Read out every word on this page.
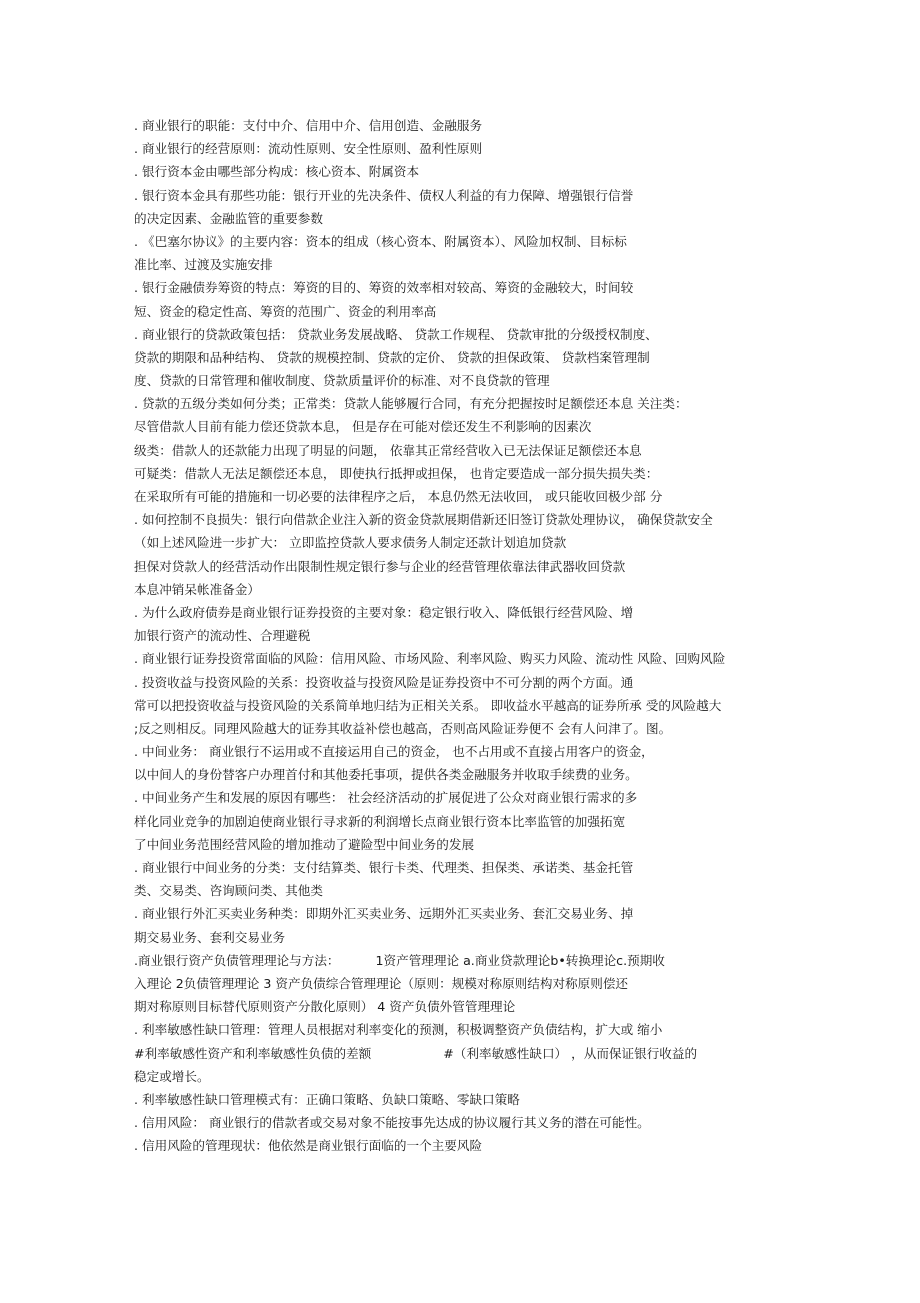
. 商业银行的职能：支付中介、信用中介、信用创造、金融服务
. 商业银行的经营原则：流动性原则、安全性原则、盈利性原则
. 银行资本金由哪些部分构成：核心资本、附属资本
. 银行资本金具有那些功能：银行开业的先决条件、债权人利益的有力保障、增强银行信誉
的决定因素、金融监管的重要参数
. 《巴塞尔协议》的主要内容：资本的组成（核心资本、附属资本）、风险加权制、目标标
准比率、过渡及实施安排
. 银行金融债券筹资的特点：筹资的目的、筹资的效率相对较高、筹资的金融较大，时间较
短、资金的稳定性高、筹资的范围广、资金的利用率高
. 商业银行的贷款政策包括： 贷款业务发展战略、 贷款工作规程、 贷款审批的分级授权制度、
贷款的期限和品种结构、 贷款的规模控制、贷款的定价、 贷款的担保政策、 贷款档案管理制
度、贷款的日常管理和催收制度、贷款质量评价的标准、对不良贷款的管理
. 贷款的五级分类如何分类；正常类：贷款人能够履行合同，有充分把握按时足额偿还本息 关注类：
尽管借款人目前有能力偿还贷款本息， 但是存在可能对偿还发生不利影响的因素次
级类：借款人的还款能力出现了明显的问题， 依靠其正常经营收入已无法保证足额偿还本息
可疑类：借款人无法足额偿还本息， 即使执行抵押或担保， 也肯定要造成一部分损失损失类：
在采取所有可能的措施和一切必要的法律程序之后， 本息仍然无法收回， 或只能收回极少部 分
. 如何控制不良损失：银行向借款企业注入新的资金贷款展期借新还旧签订贷款处理协议， 确保贷款安全
（如上述风险进一步扩大： 立即监控贷款人要求债务人制定还款计划追加贷款
担保对贷款人的经营活动作出限制性规定银行参与企业的经营管理依靠法律武器收回贷款
本息冲销呆帐准备金）
. 为什么政府债券是商业银行证券投资的主要对象：稳定银行收入、降低银行经营风险、增
加银行资产的流动性、合理避税
. 商业银行证券投资常面临的风险：信用风险、市场风险、利率风险、购买力风险、流动性 风险、回购风险
. 投资收益与投资风险的关系：投资收益与投资风险是证券投资中不可分割的两个方面。通
常可以把投资收益与投资风险的关系简单地归结为正相关关系。 即收益水平越高的证券所承 受的风险越大
;反之则相反。同理风险越大的证券其收益补偿也越高，否则高风险证券便不 会有人问津了。图。
. 中间业务： 商业银行不运用或不直接运用自己的资金， 也不占用或不直接占用客户的资金，
以中间人的身份替客户办理首付和其他委托事项，提供各类金融服务并收取手续费的业务。
. 中间业务产生和发展的原因有哪些： 社会经济活动的扩展促进了公众对商业银行需求的多
样化同业竞争的加剧迫使商业银行寻求新的利润增长点商业银行资本比率监管的加强拓宽
了中间业务范围经营风险的增加推动了避险型中间业务的发展
. 商业银行中间业务的分类：支付结算类、银行卡类、代理类、担保类、承诺类、基金托管
类、交易类、咨询顾问类、其他类
. 商业银行外汇买卖业务种类：即期外汇买卖业务、远期外汇买卖业务、套汇交易业务、掉
期交易业务、套利交易业务
.商业银行资产负债管理理论与方法：	1资产管理理论 a.商业贷款理论b•转换理论c.预期收
入理论 2负债管理理论 3 资产负债综合管理理论（原则：规模对称原则结构对称原则偿还
期对称原则目标替代原则资产分散化原则） 4 资产负债外管管理理论
. 利率敏感性缺口管理：管理人员根据对利率变化的预测，积极调整资产负债结构，扩大或 缩小
#利率敏感性资产和利率敏感性负债的差额	#（利率敏感性缺口） ，从而保证银行收益的
稳定或增长。
. 利率敏感性缺口管理模式有：正确口策略、负缺口策略、零缺口策略
. 信用风险： 商业银行的借款者或交易对象不能按事先达成的协议履行其义务的潜在可能性。
. 信用风险的管理现状：他依然是商业银行面临的一个主要风险
